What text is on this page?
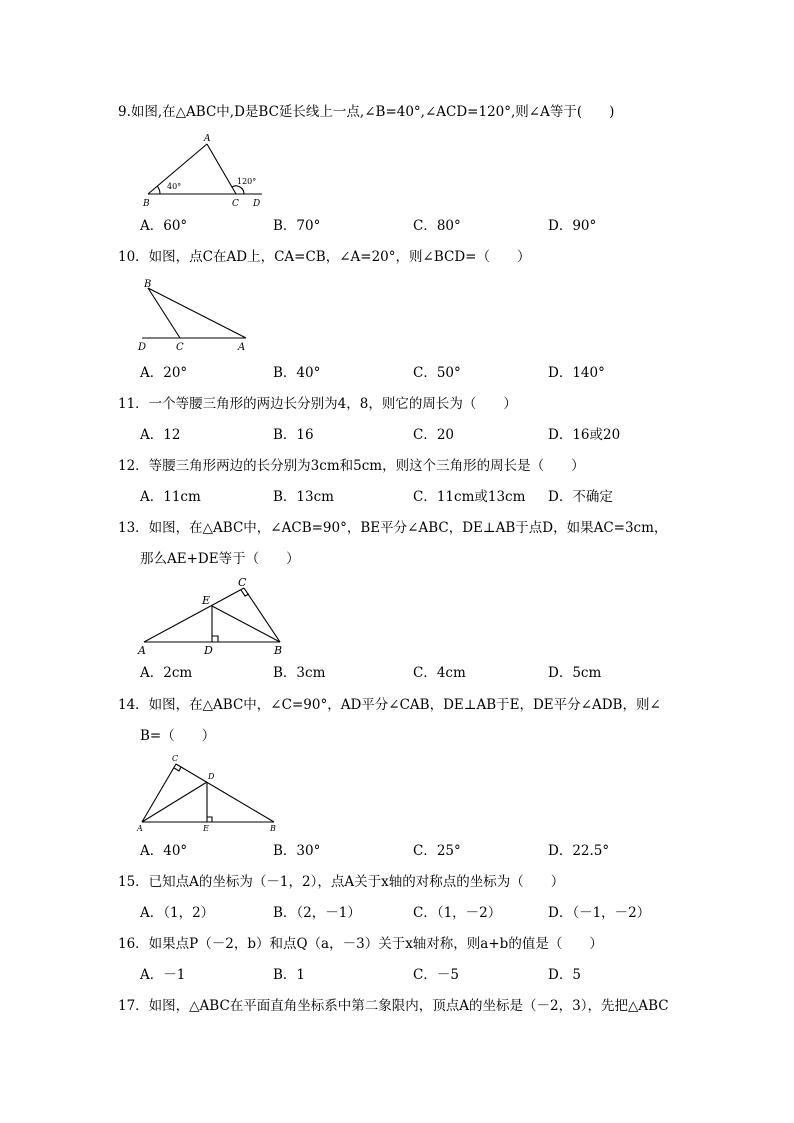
9.如图,在△ABC中,D是BC延长线上一点,∠B=40°,∠ACD=120°,则∠A等于(　　)
A
B	C D
40°
120°
A．60°	B．70°	C．80°	D．90°
10．如图，点C在AD上，CA=CB，∠A=20°，则∠BCD=（　　）
B
D	C	A
A．20°	B．40°	C．50°	D．140°
11．一个等腰三角形的两边长分别为4，8，则它的周长为（　　）
A．12	B．16	C．20	D．16或20
12．等腰三角形两边的长分别为3cm和5cm，则这个三角形的周长是（　　）
A．11cm	B．13cm	C．11cm或13cm D．不确定
13．如图，在△ABC中，∠ACB=90°，BE平分∠ABC，DE⊥AB于点D，如果AC=3cm，
那么AE+DE等于（　　）
C
E
A	D	B
A．2cm	B．3cm	C．4cm	D．5cm
14．如图，在△ABC中，∠C=90°，AD平分∠CAB，DE⊥AB于E，DE平分∠ADB，则∠
B=（　　）
C
D
A	E	B
A．40°	B．30°	C．25°	D．22.5°
15．已知点A的坐标为（－1，2），点A关于x轴的对称点的坐标为（　　）
A．（1，2）	B．（2，－1）	C．（1，－2）	D．（－1，－2）
16．如果点P（－2，b）和点Q（a，－3）关于x轴对称，则a+b的值是（　　）
A．－1	B．1	C．－5	D．5
17．如图，△ABC在平面直角坐标系中第二象限内，顶点A的坐标是（－2，3），先把△ABC
